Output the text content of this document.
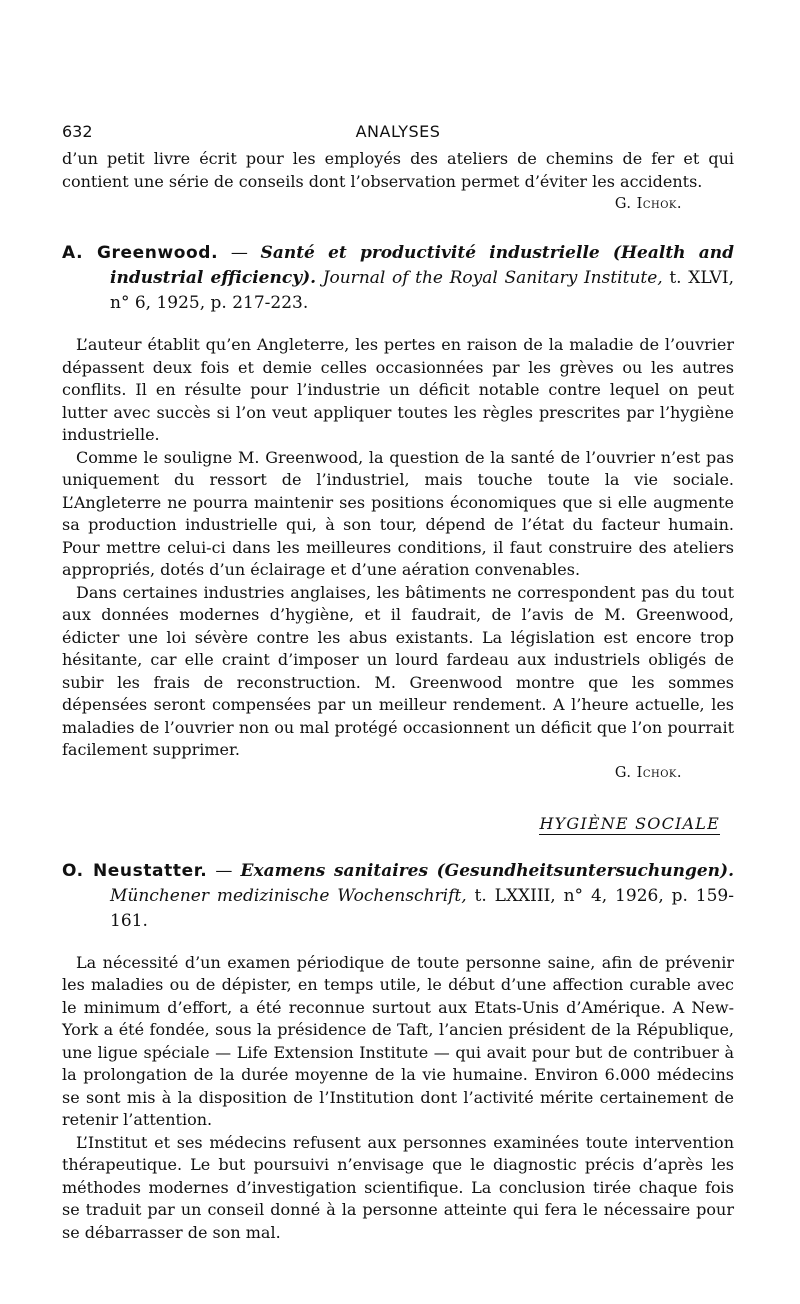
632	ANALYSES

d’un petit livre écrit pour les employés des ateliers de chemins de fer et qui contient une série de conseils dont l’observation permet d’éviter les accidents.

G. Ichok.

A. Greenwood. — Santé et productivité industrielle (Health and industrial efficiency). Journal of the Royal Sanitary Institute, t. XLVI, n° 6, 1925, p. 217-223.

L’auteur établit qu’en Angleterre, les pertes en raison de la maladie de l’ouvrier dépassent deux fois et demie celles occasionnées par les grèves ou les autres conflits. Il en résulte pour l’industrie un déficit notable contre lequel on peut lutter avec succès si l’on veut appliquer toutes les règles prescrites par l’hygiène industrielle.

Comme le souligne M. Greenwood, la question de la santé de l’ouvrier n’est pas uniquement du ressort de l’industriel, mais touche toute la vie sociale. L’Angleterre ne pourra maintenir ses positions économiques que si elle augmente sa production industrielle qui, à son tour, dépend de l’état du facteur humain. Pour mettre celui-ci dans les meilleures conditions, il faut construire des ateliers appropriés, dotés d’un éclairage et d’une aération convenables.

Dans certaines industries anglaises, les bâtiments ne correspondent pas du tout aux données modernes d’hygiène, et il faudrait, de l’avis de M. Greenwood, édicter une loi sévère contre les abus existants. La législation est encore trop hésitante, car elle craint d’imposer un lourd fardeau aux industriels obligés de subir les frais de reconstruction. M. Greenwood montre que les sommes dépensées seront compensées par un meilleur rendement. A l’heure actuelle, les maladies de l’ouvrier non ou mal protégé occasionnent un déficit que l’on pourrait facilement supprimer.

G. Ichok.

HYGIÈNE SOCIALE

O. Neustatter. — Examens sanitaires (Gesundheitsuntersuchungen). Münchener medizinische Wochenschrift, t. LXXIII, n° 4, 1926, p. 159-161.

La nécessité d’un examen périodique de toute personne saine, afin de prévenir les maladies ou de dépister, en temps utile, le début d’une affection curable avec le minimum d’effort, a été reconnue surtout aux Etats-Unis d’Amérique. A New-York a été fondée, sous la présidence de Taft, l’ancien président de la République, une ligue spéciale — Life Extension Institute — qui avait pour but de contribuer à la prolongation de la durée moyenne de la vie humaine. Environ 6.000 médecins se sont mis à la disposition de l’Institution dont l’activité mérite certainement de retenir l’attention.

L’Institut et ses médecins refusent aux personnes examinées toute intervention thérapeutique. Le but poursuivi n’envisage que le diagnostic précis d’après les méthodes modernes d’investigation scientifique. La conclusion tirée chaque fois se traduit par un conseil donné à la personne atteinte qui fera le nécessaire pour se débarrasser de son mal.
